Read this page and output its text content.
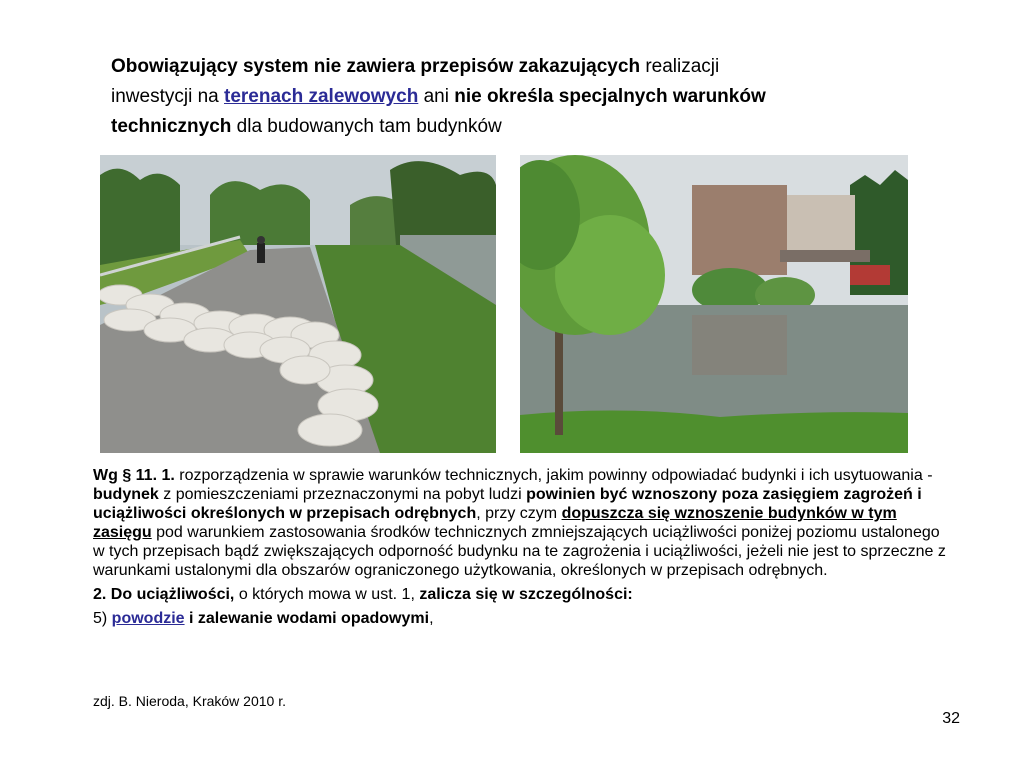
Obowiązujący system nie zawiera przepisów zakazujących realizacji
inwestycji na terenach zalewowych ani nie określa specjalnych warunków
technicznych dla budowanych tam budynków

Wg § 11. 1. rozporządzenia w sprawie warunków technicznych, jakim powinny odpowiadać budynki i ich usytuowania - budynek z pomieszczeniami przeznaczonymi na pobyt ludzi powinien być wznoszony poza zasięgiem zagrożeń i uciążliwości określonych w przepisach odrębnych, przy czym dopuszcza się wznoszenie budynków w tym zasięgu pod warunkiem zastosowania środków technicznych zmniejszających uciążliwości poniżej poziomu ustalonego w tych przepisach bądź zwiększających odporność budynku na te zagrożenia i uciążliwości, jeżeli nie jest to sprzeczne z warunkami ustalonymi dla obszarów ograniczonego użytkowania, określonych w przepisach odrębnych.

2. Do uciążliwości, o których mowa w ust. 1, zalicza się w szczególności:

5) powodzie i zalewanie wodami opadowymi,

zdj. B. Nieroda, Kraków 2010 r.
32
